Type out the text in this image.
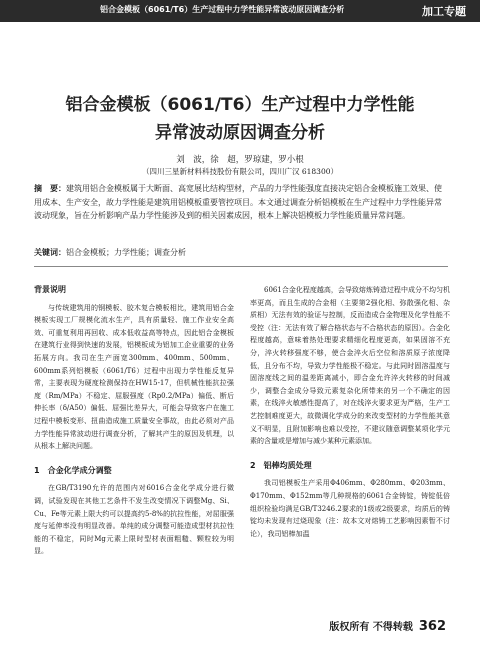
铝合金模板（6061/T6）生产过程中力学性能异常波动原因调查分析	加工专题
铝合金模板（6061/T6）生产过程中力学性能
异常波动原因调查分析
刘　波，徐　超，罗琼建，罗小根
（四川三星新材料科技股份有限公司，四川广汉 618300）
摘　要：建筑用铝合金模板属于大断面、高宽展比结构型材，产品的力学性能强度直接决定铝合金模板施工效果、使用成本、生产安全，故力学性能是建筑用铝模板重要管控项目。本文通过调查分析铝模板在生产过程中力学性能异常波动现象，旨在分析影响产品力学性能涉及到的相关因素成因，根本上解决铝模板力学性能质量异常问题。
关键词：铝合金模板；力学性能；调查分析
背景说明

与传统建筑用的钢模板、胶木复合模板相比，建筑用铝合金模板实现工厂规模化流水生产，具有质量轻、施工作业安全高效、可重复利用再回收、成本低收益高等特点，因此铝合金模板在建筑行业得到快速的发展，铝模板成为铝加工企业重要的业务拓展方向。我司在生产面宽300mm、400mm、500mm、600mm系列铝模板（6061/T6）过程中出现力学性能反复异常，主要表现为硬度检测保持在HW15-17，但机械性能抗拉强度（Rm/MPa）不稳定、屈服强度（Rp0.2/MPa）偏低、断后伸长率（δ/A50）偏低、屈强比差异大，可能会导致客户在施工过程中模板变形、扭曲造成施工质量安全事故，由此必须对产品力学性能异常波动进行调查分析，了解其产生的原因及机理，以从根本上解决问题。

1　合金化学成分调整

在GB/T3190允许的范围内对6016合金化学成分进行微调，试验发现在其他工艺条件不发生改变情况下调整Mg、Si、Cu、Fe等元素上限大约可以提高约5-8%的抗拉性能，对屈服强度与延伸率没有明显改善。单纯的成分调整可能造成型材抗拉性能的不稳定，同时Mg元素上限时型材表面粗糙、颗粒较为明显。

6061合金化程度越高，会导致熔炼铸造过程中成分不均匀机率更高，而且生成的合金相（主要第2强化相、弥散强化相、杂质相）无法有效的验证与控制，反而造成合金物理及化学性能不受控（注：无法有效了解合格状态与不合格状态的原因）。合金化程度越高，意味着热处理要求精细化程度更高，如果固溶不充分，淬火转移强度不够，使合金淬火后空位和溶质原子浓度降低，且分布不均，导致力学性能极不稳定。与此同时固溶温度与固溶度线之间的温差距离减小，即合金允许淬火转移的时间减少，调整合金成分导致元素复杂化所带来的另一个不确定的因素，在线淬火敏感性提高了，对在线淬火要求更为严格，生产工艺控制难度更大，故微调化学成分的来改变型材的力学性能其意义不明显，且附加影响也难以受控，不建议随意调整某项化学元素的含量或是增加与减少某种元素添加。

2　铝棒均质处理

我司铝模板生产采用Φ406mm、Φ280mm、Φ203mm、Φ170mm、Φ152mm等几种规格的6061合金铸锭，铸锭低倍组织检验均满足GB/T3246.2要求的1级或2级要求，均质后的铸锭均未发现有过烧现象（注：故本文对熔铸工艺影响因素暂不讨论），我司铝棒加温

版权所有 不得转载 362
